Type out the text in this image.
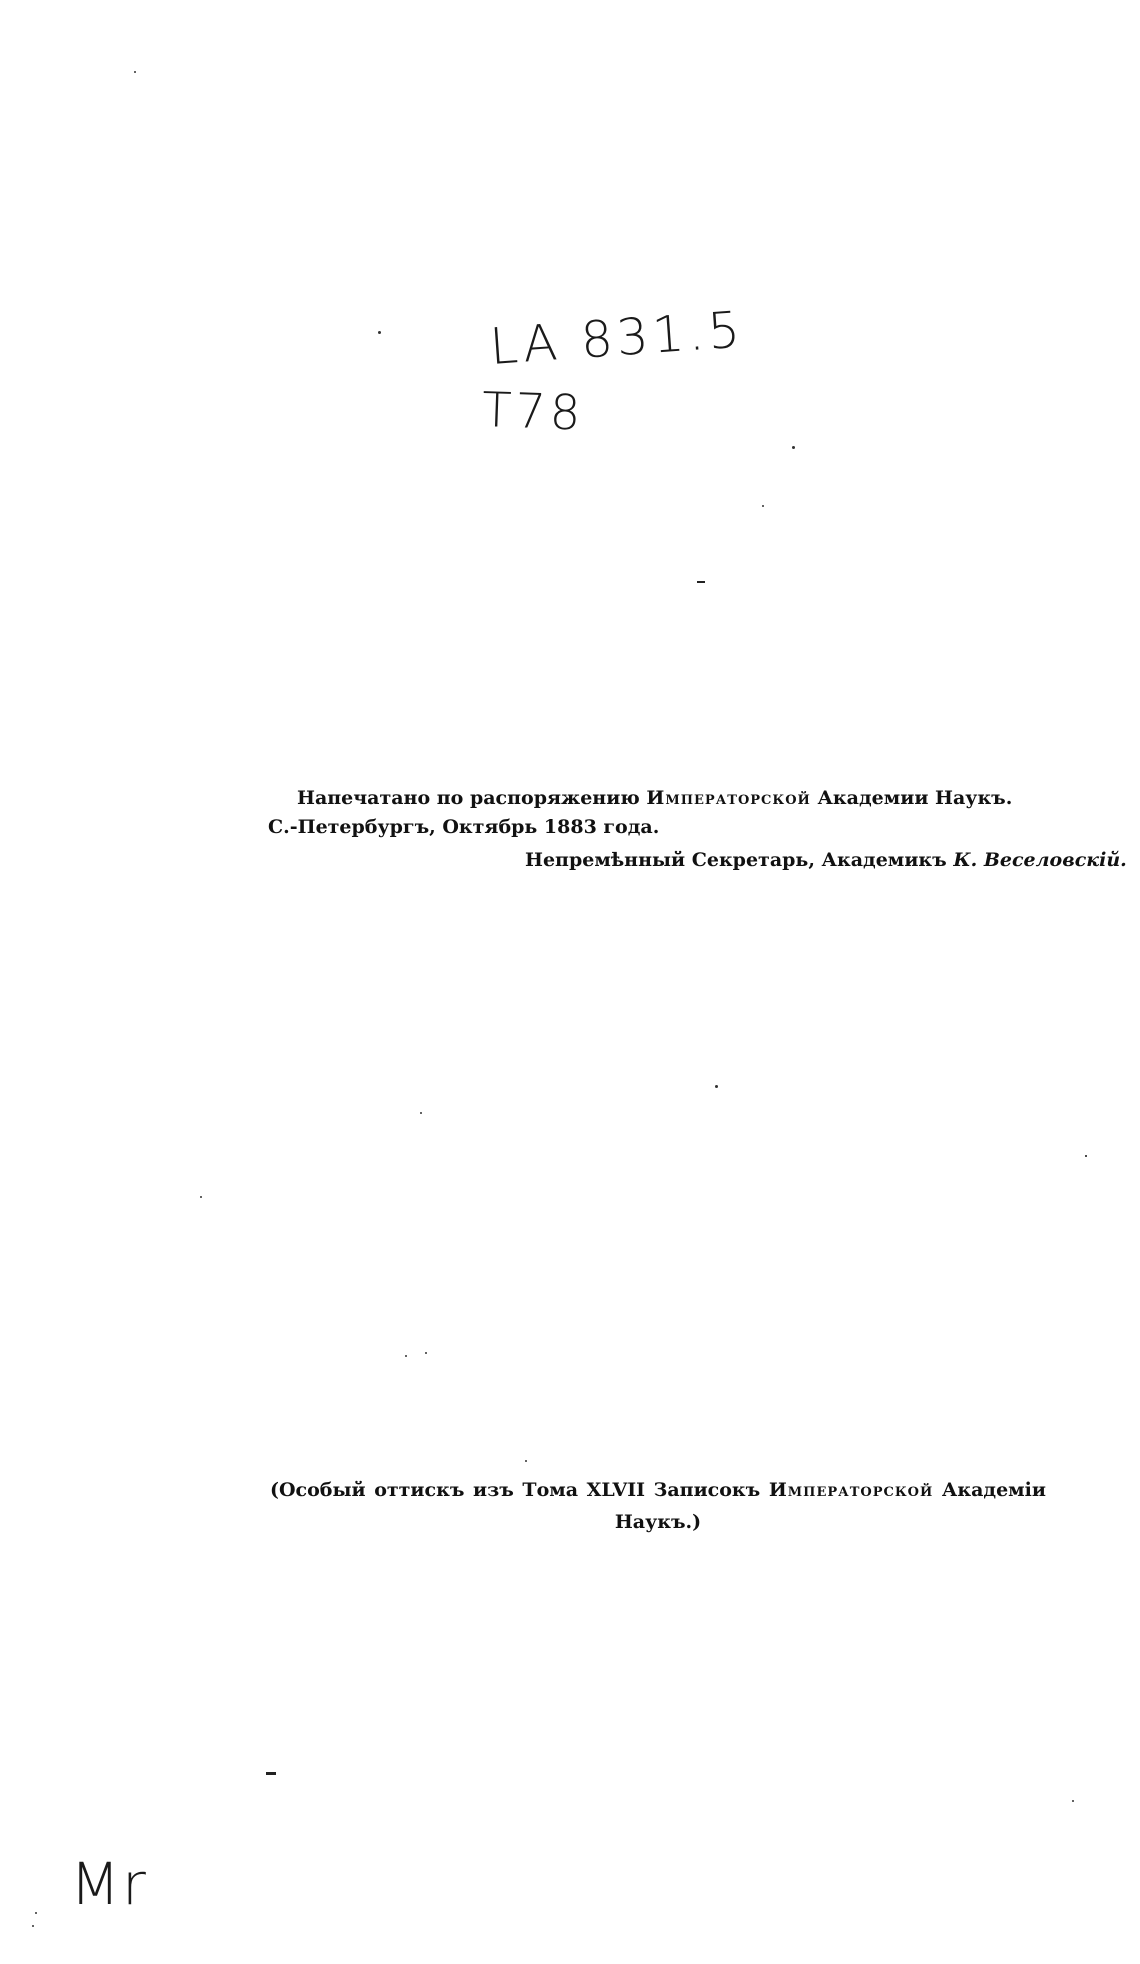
LA 831.5
T78
Напечатано по распоряжению Императорской Академии Наукъ.
С.-Петербургъ, Октябрь 1883 года.
Непремѣнный Секретарь, Академикъ К. Веселовскій.
(Особый оттискъ изъ Тома XLVII Записокъ Императорской Академіи Наукъ.)
Mr
